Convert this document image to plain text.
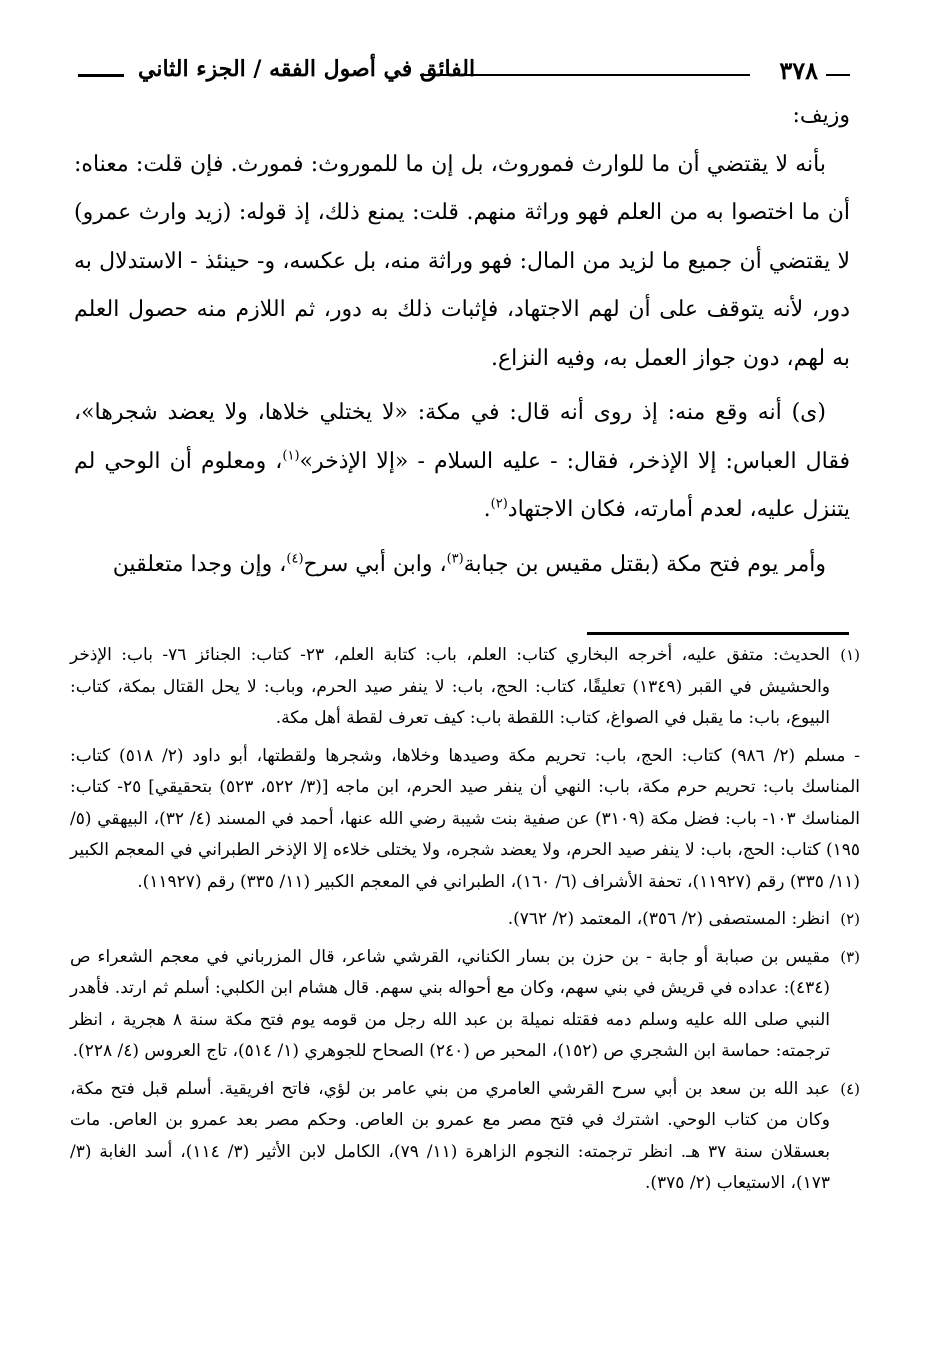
٣٧٨
الفائق في أصول الفقه / الجزء الثاني

وزيف:

بأنه لا يقتضي أن ما للوارث فموروث، بل إن ما للموروث: فمورث. فإن قلت: معناه: أن ما اختصوا به من العلم فهو وراثة منهم. قلت: يمنع ذلك، إذ قوله: (زيد وارث عمرو) لا يقتضي أن جميع ما لزيد من المال: فهو وراثة منه، بل عكسه، و- حينئذ - الاستدلال به دور، لأنه يتوقف على أن لهم الاجتهاد، فإثبات ذلك به دور، ثم اللازم منه حصول العلم به لهم، دون جواز العمل به، وفيه النزاع.

(ى) أنه وقع منه: إذ روى أنه قال: في مكة: «لا يختلي خلاها، ولا يعضد شجرها»، فقال العباس: إلا الإذخر، فقال: - عليه السلام - «إلا الإذخر»$^{(١)}$، ومعلوم أن الوحي لم يتنزل عليه، لعدم أمارته، فكان الاجتهاد$^{(٢)}$.

وأمر يوم فتح مكة (بقتل مقيس بن جبابة$^{(٣)}$، وابن أبي سرح$^{(٤)}$، وإن وجدا متعلقين

(١)
الحديث: متفق عليه، أخرجه البخاري كتاب: العلم، باب: كتابة العلم، ٢٣- كتاب: الجنائز ٧٦- باب: الإذخر والحشيش في القبر (١٣٤٩) تعليقًا، كتاب: الحج، باب: لا ينفر صيد الحرم، وباب: لا يحل القتال بمكة، كتاب: البيوع، باب: ما يقبل في الصواغ، كتاب: اللقطة باب: كيف تعرف لقطة أهل مكة.
- مسلم (٢/ ٩٨٦) كتاب: الحج، باب: تحريم مكة وصيدها وخلاها، وشجرها ولقطتها، أبو داود (٢/ ٥١٨) كتاب: المناسك باب: تحريم حرم مكة، باب: النهي أن ينفر صيد الحرم، ابن ماجه [(٣/ ٥٢٢، ٥٢٣) بتحقيقي] ٢٥- كتاب: المناسك ١٠٣- باب: فضل مكة (٣١٠٩) عن صفية بنت شيبة رضي الله عنها، أحمد في المسند (٤/ ٣٢)، البيهقي (٥/ ١٩٥) كتاب: الحج، باب: لا ينفر صيد الحرم، ولا يعضد شجره، ولا يختلى خلاءه إلا الإذخر الطبراني في المعجم الكبير (١١/ ٣٣٥) رقم (١١٩٢٧)، تحفة الأشراف (٦/ ١٦٠)، الطبراني في المعجم الكبير (١١/ ٣٣٥) رقم (١١٩٢٧).
(٢)
انظر: المستصفى (٢/ ٣٥٦)، المعتمد (٢/ ٧٦٢).
(٣)
مقيس بن صبابة أو جابة - بن حزن بن بسار الكناني، القرشي شاعر، قال المزرباني في معجم الشعراء ص (٤٣٤): عداده في قريش في بني سهم، وكان مع أحواله بني سهم. قال هشام ابن الكلبي: أسلم ثم ارتد. فأهدر النبي صلى الله عليه وسلم دمه فقتله نميلة بن عبد الله رجل من قومه يوم فتح مكة سنة ٨ هجرية ، انظر ترجمته: حماسة ابن الشجري ص (١٥٢)، المحبر ص (٢٤٠) الصحاح للجوهري (١/ ٥١٤)، تاج العروس (٤/ ٢٢٨).
(٤)
عبد الله بن سعد بن أبي سرح القرشي العامري من بني عامر بن لؤي، فاتح افريقية. أسلم قبل فتح مكة، وكان من كتاب الوحي. اشترك في فتح مصر مع عمرو بن العاص. وحكم مصر بعد عمرو بن العاص. مات بعسقلان سنة ٣٧ هـ. انظر ترجمته: النجوم الزاهرة (١١/ ٧٩)، الكامل لابن الأثير (٣/ ١١٤)، أسد الغابة (٣/ ١٧٣)، الاستيعاب (٢/ ٣٧٥).
